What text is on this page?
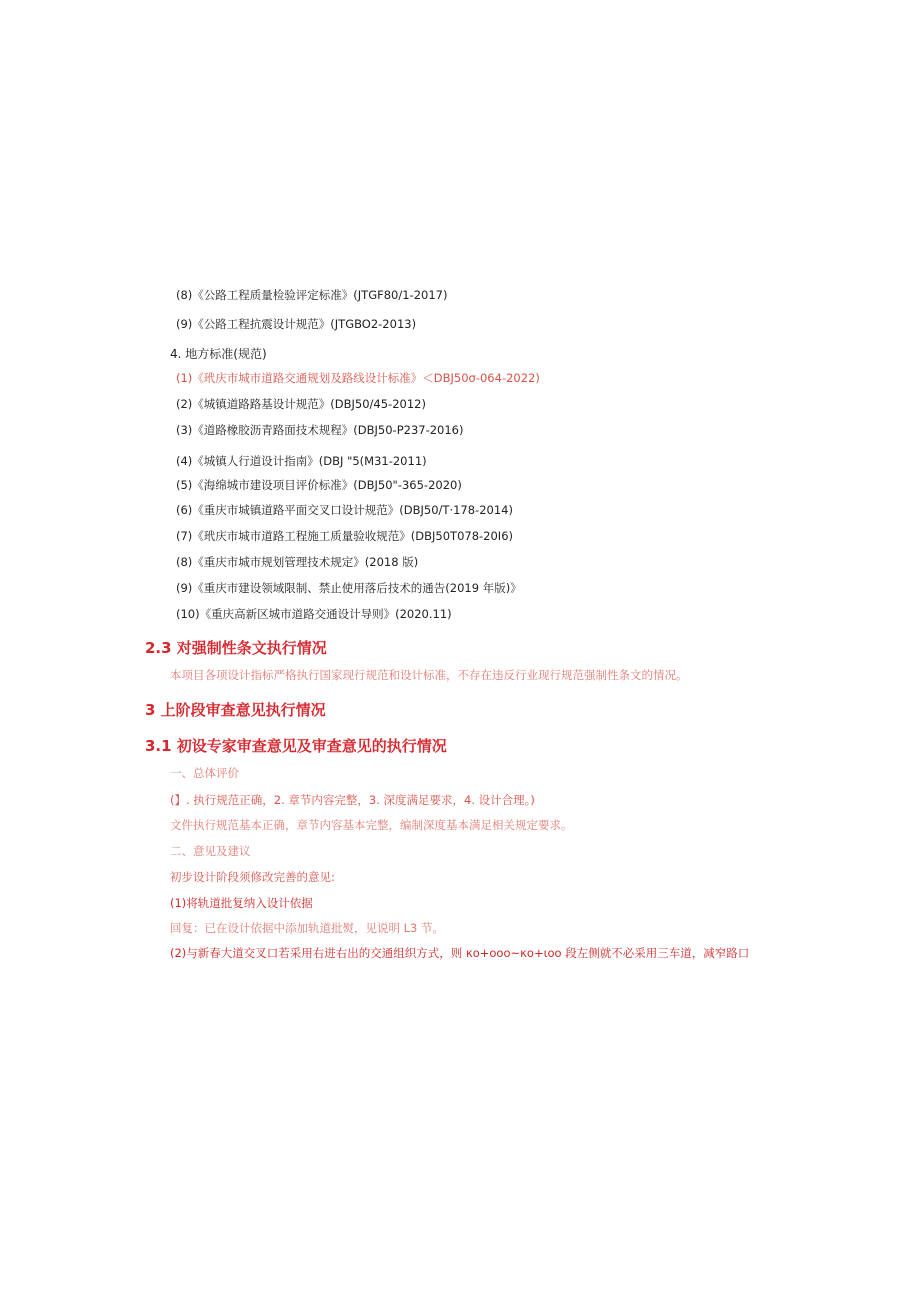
(8)《公路工程质量检验评定标准》(JTGF80/1-2017)
(9)《公路工程抗震设计规范》(JTGBO2-2013)
4. 地方标准(规范)
(1)《玳庆市城市道路交通规划及路线设计标准》＜DBJ50σ-064-2022)
(2)《城镇道路路基设计规范》(DBJ50/45-2012)
(3)《道路橡胶沥青路面技术规程》(DBJ50-P237-2016)
(4)《城镇人行道设计指南》(DBJ "5(M31-2011)
(5)《海绵城市建设项目评价标准》(DBJ50"-365-2020)
(6)《重庆市城镇道路平面交叉口设计规范》(DBJ50/T·178-2014)
(7)《玳庆市城市道路工程施工质量验收规范》(DBJ50T078-20I6)
(8)《重庆市城市规划管理技术规定》(2018 版)
(9)《重庆市建设领域限制、禁止使用落后技术的通告(2019 年版)》
(10)《重庆高新区城市道路交通设计导则》(2020.11)
2.3 对强制性条文执行情况
本项目各项设计指标严格执行国家现行规范和设计标准，不存在违反行业现行规范强制性条文的情况。
3 上阶段审查意见执行情况
3.1 初设专家审查意见及审查意见的执行情况
一、总体评价
(】. 执行规范正确，2. 章节内容完整，3. 深度满足要求，4. 设计合理。)
文件执行规范基本正确，章节内容基本完整，编制深度基本满足相关规定要求。
二、意见及建议
初步设计阶段须修改完善的意见:
(1)将轨道批复纳入设计依据
回复：已在设计依据中添加轨道批熨，见说明 L3 节。
(2)与新春大道交叉口若采用右进右出的交通组织方式，则 κo+ooo~κo+ιoo 段左侧就不必采用三车道，减窄路口
